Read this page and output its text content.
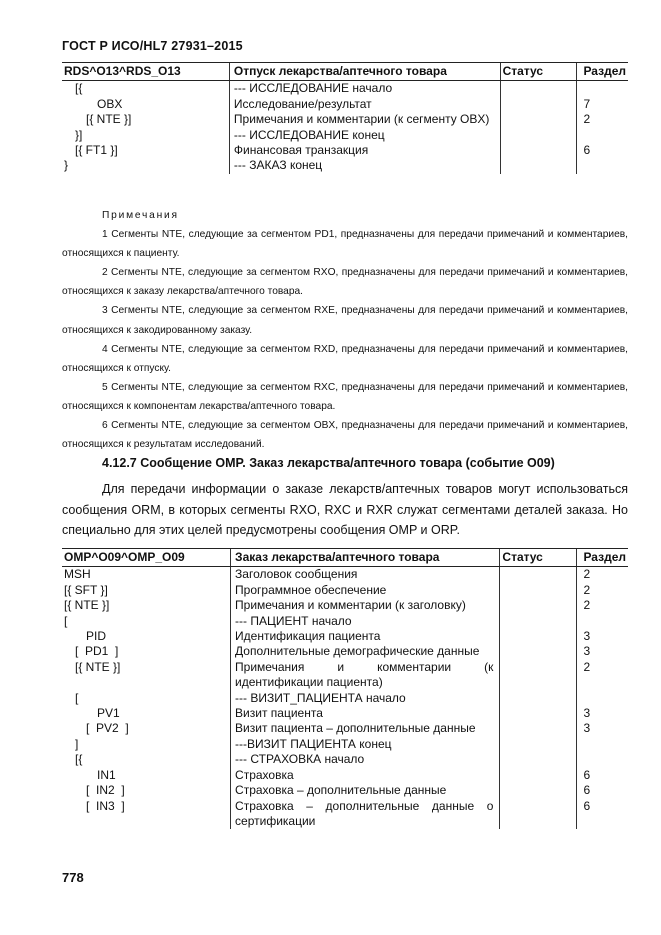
ГОСТ Р ИСО/HL7 27931–2015
RDS^O13^RDS_O13	Отпуск лекарства/аптечного товара	Статус	Раздел
[{	--- ИССЛЕДОВАНИЕ начало		
OBX	Исследование/результат		7
[{ NTE }]	Примечания и комментарии (к сегменту OBX)		2
}]	--- ИССЛЕДОВАНИЕ конец		
[{ FT1 }]	Финансовая транзакция		6
}	--- ЗАКАЗ конец		
Примечания

1 Сегменты NTE, следующие за сегментом PD1, предназначены для передачи примечаний и комментариев, относящихся к пациенту.

2 Сегменты NTE, следующие за сегментом RXO, предназначены для передачи примечаний и комментариев, относящихся к заказу лекарства/аптечного товара.

3 Сегменты NTE, следующие за сегментом RXE, предназначены для передачи примечаний и комментариев, относящихся к закодированному заказу.

4 Сегменты NTE, следующие за сегментом RXD, предназначены для передачи примечаний и комментариев, относящихся к отпуску.

5 Сегменты NTE, следующие за сегментом RXC, предназначены для передачи примечаний и комментариев, относящихся к компонентам лекарства/аптечного товара.

6 Сегменты NTE, следующие за сегментом OBX, предназначены для передачи примечаний и комментариев, относящихся к результатам исследований.

4.12.7 Сообщение OMP. Заказ лекарства/аптечного товара (событие O09)

Для передачи информации о заказе лекарств/аптечных товаров могут использоваться сообщения ORM, в которых сегменты RXO, RXC и RXR служат сегментами деталей заказа. Но специально для этих целей предусмотрены сообщения OMP и ORP.

OMP^O09^OMP_O09	Заказ лекарства/аптечного товара	Статус	Раздел
MSH	Заголовок сообщения		2
[{ SFT }]	Программное обеспечение		2
[{ NTE }]	Примечания и комментарии (к заголовку)		2
[	--- ПАЦИЕНТ начало		
PID	Идентификация пациента		3
[  PD1  ]	Дополнительные демографические данные		3
[{ NTE }]	Примечания и комментарии (к идентификации пациента)		2
[	--- ВИЗИТ_ПАЦИЕНТА начало		
PV1	Визит пациента		3
[  PV2  ]	Визит пациента – дополнительные данные		3
]	---ВИЗИТ ПАЦИЕНТА конец		
[{	--- СТРАХОВКА начало		
IN1	Страховка		6
[  IN2  ]	Страховка – дополнительные данные		6
[  IN3  ]	Страховка – дополнительные данные о сертификации		6
778
